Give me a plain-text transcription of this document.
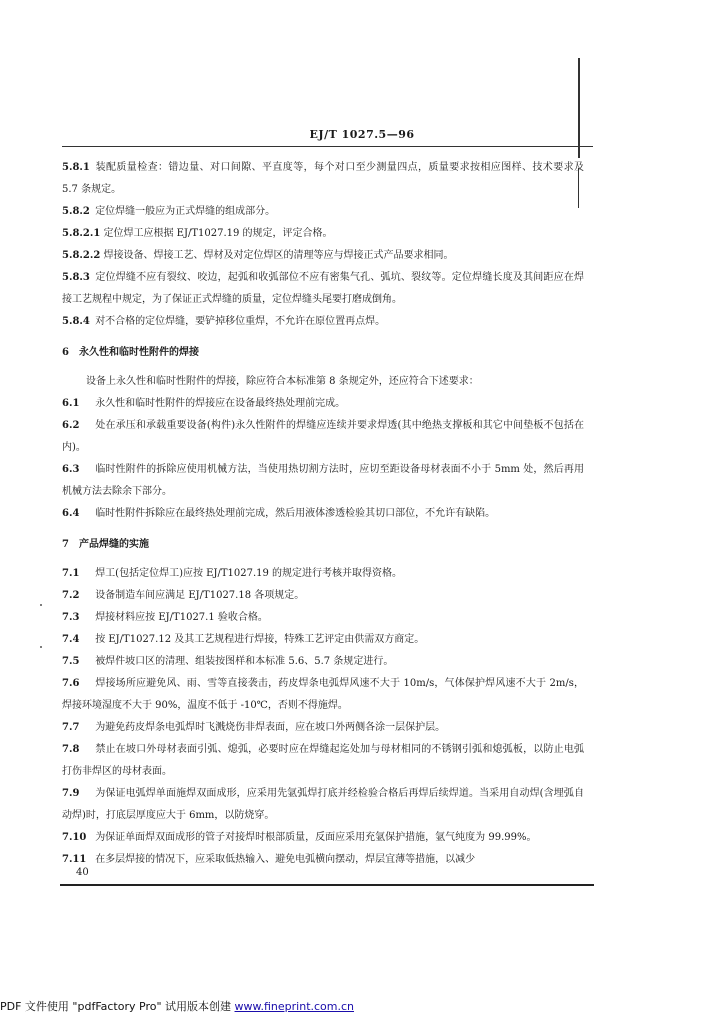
EJ/T 1027.5—96

5.8.1 装配质量检查：错边量、对口间隙、平直度等，每个对口至少测量四点，质量要求按相应图样、技术要求及 5.7 条规定。

5.8.2 定位焊缝一般应为正式焊缝的组成部分。

5.8.2.1 定位焊工应根据 EJ/T1027.19 的规定，评定合格。

5.8.2.2 焊接设备、焊接工艺、焊材及对定位焊区的清理等应与焊接正式产品要求相同。

5.8.3 定位焊缝不应有裂纹、咬边，起弧和收弧部位不应有密集气孔、弧坑、裂纹等。定位焊缝长度及其间距应在焊接工艺规程中规定，为了保证正式焊缝的质量，定位焊缝头尾要打磨成倒角。

5.8.4 对不合格的定位焊缝，要铲掉移位重焊，不允许在原位置再点焊。

6　永久性和临时性附件的焊接

设备上永久性和临时性附件的焊接，除应符合本标准第 8 条规定外，还应符合下述要求：

6.1 永久性和临时性附件的焊接应在设备最终热处理前完成。

6.2 处在承压和承载重要设备(构件)永久性附件的焊缝应连续并要求焊透(其中绝热支撑板和其它中间垫板不包括在内)。

6.3 临时性附件的拆除应使用机械方法，当使用热切割方法时，应切至距设备母材表面不小于 5mm 处，然后再用机械方法去除余下部分。

6.4 临时性附件拆除应在最终热处理前完成，然后用液体渗透检验其切口部位，不允许有缺陷。

7　产品焊缝的实施

7.1 焊工(包括定位焊工)应按 EJ/T1027.19 的规定进行考核并取得资格。

7.2 设备制造车间应满足 EJ/T1027.18 各项规定。

7.3 焊接材料应按 EJ/T1027.1 验收合格。

7.4 按 EJ/T1027.12 及其工艺规程进行焊接，特殊工艺评定由供需双方商定。

7.5 被焊件坡口区的清理、组装按图样和本标准 5.6、5.7 条规定进行。

7.6 焊接场所应避免风、雨、雪等直接袭击，药皮焊条电弧焊风速不大于 10m/s，气体保护焊风速不大于 2m/s，焊接环境湿度不大于 90%，温度不低于 -10℃，否则不得施焊。

7.7 为避免药皮焊条电弧焊时飞溅烧伤非焊表面，应在坡口外两侧各涂一层保护层。

7.8 禁止在坡口外母材表面引弧、熄弧，必要时应在焊缝起迄处加与母材相同的不锈钢引弧和熄弧板，以防止电弧打伤非焊区的母材表面。

7.9 为保证电弧焊单面施焊双面成形，应采用先氩弧焊打底并经检验合格后再焊后续焊道。当采用自动焊(含埋弧自动焊)时，打底层厚度应大于 6mm，以防烧穿。

7.10 为保证单面焊双面成形的管子对接焊时根部质量，反面应采用充氩保护措施，氩气纯度为 99.99%。

7.11 在多层焊接的情况下，应采取低热输入、避免电弧横向摆动，焊层宜薄等措施，以减少

40
PDF 文件使用 "pdfFactory Pro" 试用版本创建 www.fineprint.com.cn
